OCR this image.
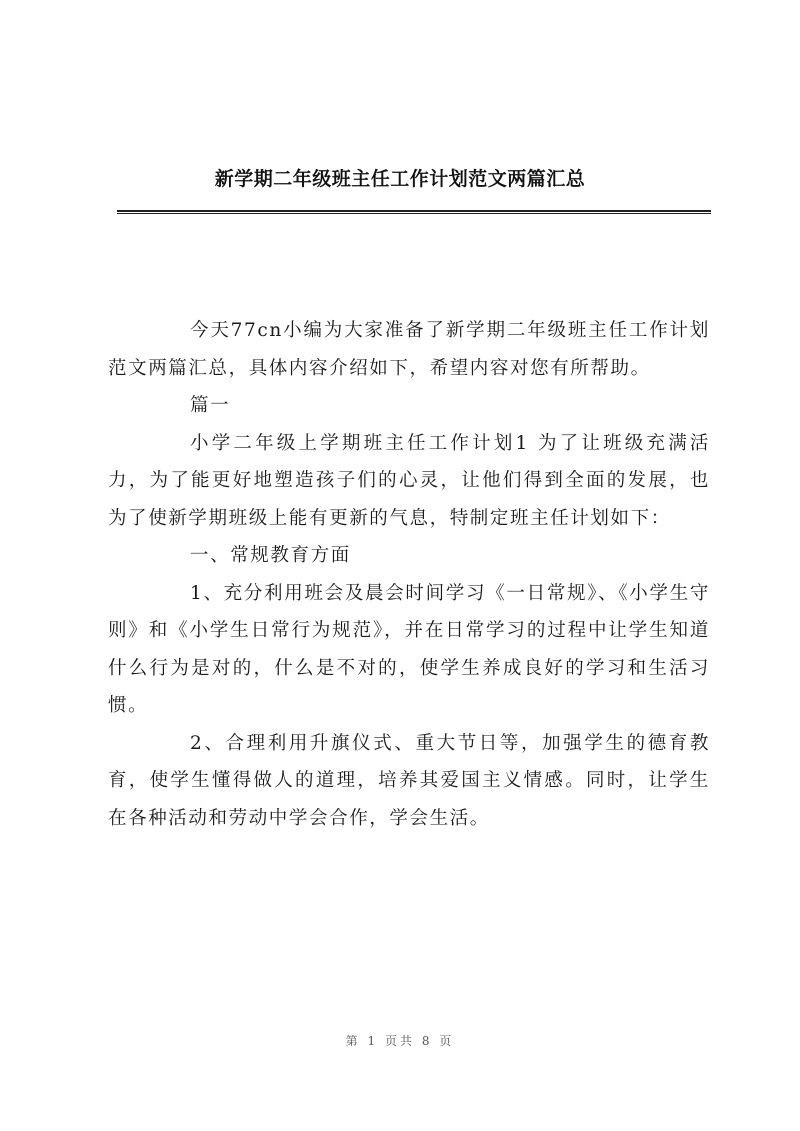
新学期二年级班主任工作计划范文两篇汇总

今天77cn小编为大家准备了新学期二年级班主任工作计划范文两篇汇总，具体内容介绍如下，希望内容对您有所帮助。

篇一

小学二年级上学期班主任工作计划1 为了让班级充满活力，为了能更好地塑造孩子们的心灵，让他们得到全面的发展，也为了使新学期班级上能有更新的气息，特制定班主任计划如下：

一、常规教育方面

1、充分利用班会及晨会时间学习《一日常规》、《小学生守则》和《小学生日常行为规范》，并在日常学习的过程中让学生知道什么行为是对的，什么是不对的，使学生养成良好的学习和生活习惯。

2、合理利用升旗仪式、重大节日等，加强学生的德育教育，使学生懂得做人的道理，培养其爱国主义情感。同时，让学生在各种活动和劳动中学会合作，学会生活。

第 1 页共 8 页
